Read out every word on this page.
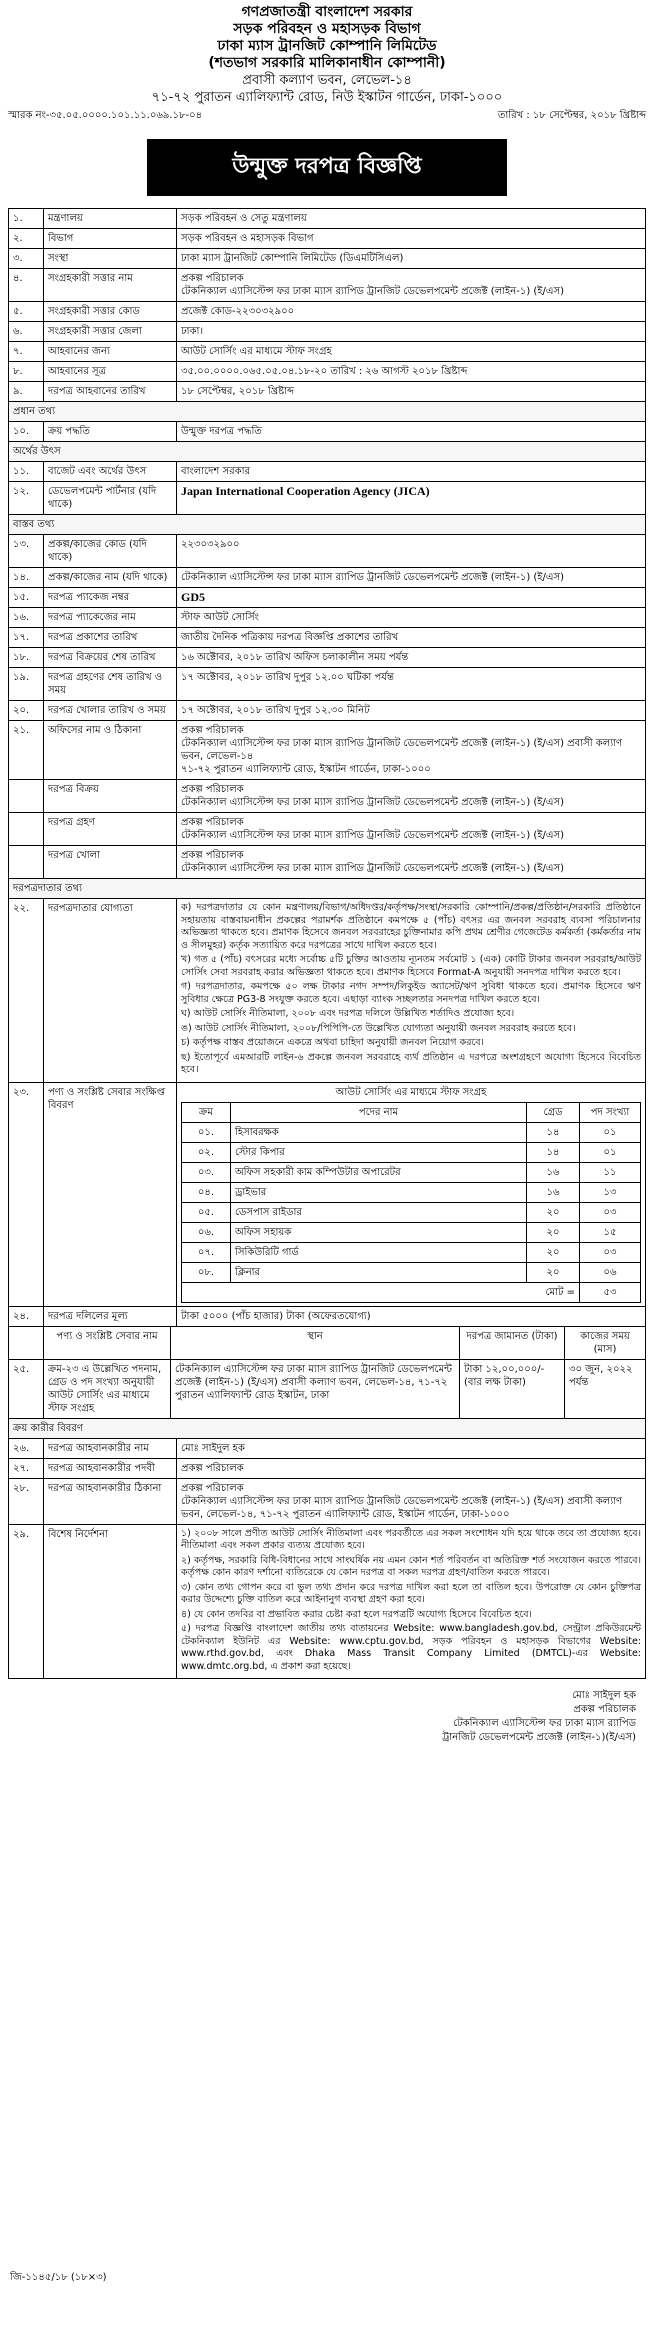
গণপ্রজাতন্ত্রী বাংলাদেশ সরকার
সড়ক পরিবহন ও মহাসড়ক বিভাগ
ঢাকা ম্যাস ট্রানজিট কোম্পানি লিমিটেড
(শতভাগ সরকারি মালিকানাধীন কোম্পানী)
প্রবাসী কল্যাণ ভবন, লেভেল-১৪
৭১-৭২ পুরাতন এ্যালিফ্যান্ট রোড, নিউ ইস্কাটন গার্ডেন, ঢাকা-১০০০
স্মারক নং-৩৫.০৫.০০০০.১০১.১১.০৬৯.১৮-০৪	তারিখ : ১৮ সেপ্টেম্বর, ২০১৮ খ্রিষ্টাব্দ
উন্মুক্ত দরপত্র বিজ্ঞপ্তি
১.	মন্ত্রণালয়	সড়ক পরিবহন ও সেতু মন্ত্রণালয়
২.	বিভাগ	সড়ক পরিবহন ও মহাসড়ক বিভাগ
৩.	সংস্থা	ঢাকা ম্যাস ট্রানজিট কোম্পানি লিমিটেড (ডিএমটিসিএল)
৪.	সংগ্রহকারী সত্তার নাম	প্রকল্প পরিচালক
টেকনিক্যাল এ্যাসিস্টেন্স ফর ঢাকা ম্যাস র‍্যাপিড ট্রানজিট ডেভেলপমেন্ট প্রজেক্ট (লাইন-১) (ই/এস)
৫.	সংগ্রহকারী সত্তার কোড	প্রজেক্ট কোড-২২৩০৩২৯০০
৬.	সংগ্রহকারী সত্তার জেলা	ঢাকা।
৭.	আহবানের জন্য	আউট সোর্সিং এর মাধ্যমে স্টাফ সংগ্রহ
৮.	আহবানের সূত্র	৩৫.০০.০০০০.০৬৫.০৫.০৪.১৮-২০ তারিখ : ২৬ আগস্ট ২০১৮ খ্রিষ্টাব্দ
৯.	দরপত্র আহবানের তারিখ	১৮ সেপ্টেম্বর, ২০১৮ খ্রিষ্টাব্দ
প্রধান তথ্য
১০.	ক্রয় পদ্ধতি	উন্মুক্ত দরপত্র পদ্ধতি
অর্থের উৎস
১১.	বাজেট এবং অর্থের উৎস	বাংলাদেশ সরকার
১২.	ডেভেলপমেন্ট পার্টনার (যদি থাকে)	Japan International Cooperation Agency (JICA)
বাস্তব তথ্য
১৩.	প্রকল্প/কাজের কোড (যদি থাকে)	২২৩০৩২৯০০
১৪.	প্রকল্প/কাজের নাম (যদি থাকে)	টেকনিক্যাল এ্যাসিস্টেন্স ফর ঢাকা ম্যাস র‍্যাপিড ট্রানজিট ডেভেলপমেন্ট প্রজেক্ট (লাইন-১) (ই/এস)
১৫.	দরপত্র প্যাকেজ নম্বর	GD5
১৬.	দরপত্র প্যাকেজের নাম	স্টাফ আউট সোর্সিং
১৭.	দরপত্র প্রকাশের তারিখ	জাতীয় দৈনিক পত্রিকায় দরপত্র বিজ্ঞপ্তি প্রকাশের তারিখ
১৮.	দরপত্র বিক্রয়ের শেষ তারিখ	১৬ অক্টোবর, ২০১৮ তারিখ অফিস চলাকালীন সময় পর্যন্ত
১৯.	দরপত্র গ্রহণের শেষ তারিখ ও সময়	১৭ অক্টোবর, ২০১৮ তারিখ দুপুর ১২.০০ ঘটিকা পর্যন্ত
২০.	দরপত্র খোলার তারিখ ও সময়	১৭ অক্টোবর, ২০১৮ তারিখ দুপুর ১২.৩০ মিনিট
২১.	অফিসের নাম ও ঠিকানা	প্রকল্প পরিচালক
টেকনিক্যাল এ্যাসিস্টেন্স ফর ঢাকা ম্যাস র‍্যাপিড ট্রানজিট ডেভেলপমেন্ট প্রজেক্ট (লাইন-১) (ই/এস) প্রবাসী কল্যাণ ভবন, লেভেল-১৪
৭১-৭২ পুরাতন এ্যালিফ্যান্ট রোড, ইস্কাটন গার্ডেন, ঢাকা-১০০০
	দরপত্র বিক্রয়	প্রকল্প পরিচালক
টেকনিক্যাল এ্যাসিস্টেন্স ফর ঢাকা ম্যাস র‍্যাপিড ট্রানজিট ডেভেলপমেন্ট প্রজেক্ট (লাইন-১) (ই/এস)
	দরপত্র গ্রহণ	প্রকল্প পরিচালক
টেকনিক্যাল এ্যাসিস্টেন্স ফর ঢাকা ম্যাস র‍্যাপিড ট্রানজিট ডেভেলপমেন্ট প্রজেক্ট (লাইন-১) (ই/এস)
	দরপত্র খোলা	প্রকল্প পরিচালক
টেকনিক্যাল এ্যাসিস্টেন্স ফর ঢাকা ম্যাস র‍্যাপিড ট্রানজিট ডেভেলপমেন্ট প্রজেক্ট (লাইন-১) (ই/এস)
দরপত্রদাতার তথ্য
২২.	দরপত্রদাতার যোগ্যতা	ক) দরপত্রদাতার যে কোন মন্ত্রণালয়/বিভাগ/অধিদপ্তর/কর্তৃপক্ষ/সংস্থা/সরকারি কোম্পানি/প্রকল্প/প্রতিষ্ঠান/সরকারি প্রতিষ্ঠানে সহায়তায় বাস্তবায়নাধীন প্রকল্পের পরামর্শক প্রতিষ্ঠানে কমপক্ষে ৫ (পাঁচ) বৎসর এর জনবল সরবরাহ ব্যবসা পরিচালনার অভিজ্ঞতা থাকতে হবে। প্রমাণক হিসেবে জনবল সরবরাহের চুক্তিনামার কপি প্রথম শ্রেণীর গেজেটেড কর্মকর্তা (কর্মকর্তার নাম ও সীলমুহর) কর্তৃক সত্যায়িত করে দরপত্রের সাথে দাখিল করতে হবে।
খ) গত ৫ (পাঁচ) বৎসরের মধ্যে সর্বোচ্চ ৫টি চুক্তির আওতায় ন্যূনতম সর্বমোট ১ (এক) কোটি টাকার জনবল সরবরাহ/আউট সোর্সিং সেবা সরবরাহ করার অভিজ্ঞতা থাকতে হবে। প্রমাণক হিসেবে Format-A অনুযায়ী সনদপত্র দাখিল করতে হবে।
গ) দরপত্রদাতার, কমপক্ষে ৫০ লক্ষ টাকার নগদ সম্পদ/লিকুইড অ্যাসেট/ঋণ সুবিধা থাকতে হবে। প্রমাণক হিসেবে ঋণ সুবিধার ক্ষেত্রে PG3-8 সংযুক্ত করতে হবে। এছাড়া ব্যাংক সচ্ছলতার সনদপত্র দাখিল করতে হবে।
ঘ) আউট সোর্সিং নীতিমালা, ২০০৮ এবং দরপত্র দলিলে উল্লিখিত শর্তাদিও প্রযোজ্য হবে।
ঙ) আউট সোর্সিং নীতিমালা, ২০০৮/পিপিপি-তে উল্লেখিত যোগ্যতা অনুযায়ী জনবল সরবরাহ করতে হবে।
চ) কর্তৃপক্ষ বাস্তব প্রয়োজনে একত্রে অথবা চাহিদা অনুযায়ী জনবল নিয়োগ করবে।
ছ) ইতোপূর্বে এমআরটি লাইন-৬ প্রকল্পে জনবল সরবরাহে ব্যর্থ প্রতিষ্ঠান এ দরপত্রে অংশগ্রহণে অযোগ্য হিসেবে বিবেচিত হবে।

২৩.	পণ্য ও সংশ্লিষ্ট সেবার সংক্ষিপ্ত বিবরণ	
আউট সোর্সিং এর মাধ্যমে স্টাফ সংগ্রহ
ক্রম	পদের নাম	গ্রেড	পদ সংখ্যা
০১.	হিসাবরক্ষক	১৪	০১
০২.	স্টোর কিপার	১৪	০১
০৩.	অফিস সহকারী কাম কম্পিউটার অপারেটর	১৬	১১
০৪.	ড্রাইভার	১৬	১৩
০৫.	ডেসপাস রাইডার	২০	০৩
০৬.	অফিস সহায়ক	২০	১৫
০৭.	সিকিউরিটি গার্ড	২০	০৩
০৮.	ক্লিনার	২০	০৬
মোট =	৫৩

২৪.	দরপত্র দলিলের মূল্য	টাকা ৫০০০ (পাঁচ হাজার) টাকা (অফেরতযোগ্য)

	পণ্য ও সংশ্লিষ্ট সেবার নাম	স্থান	দরপত্র জামানত (টাকা)	কাজের সময় (মাস)
২৫.	ক্রম-২৩ এ উল্লেখিত পদনাম, গ্রেড ও পদ সংখ্যা অনুযায়ী আউট সোর্সিং এর মাধ্যমে স্টাফ সংগ্রহ	টেকনিক্যাল এ্যাসিস্টেন্স ফর ঢাকা ম্যাস র‍্যাপিড ট্রানজিট ডেভেলপমেন্ট প্রজেক্ট (লাইন-১) (ই/এস) প্রবাসী কল্যাণ ভবন, লেভেল-১৪, ৭১-৭২ পুরাতন এ্যালিফ্যান্ট রোড ইস্কাটন, ঢাকা	টাকা ১২,০০,০০০/- (বার লক্ষ টাকা)	৩০ জুন, ২০২২ পর্যন্ত

ক্রয় কারীর বিবরণ
২৬.	দরপত্র আহবানকারীর নাম	মোঃ সাইদুল হক
২৭.	দরপত্র আহবানকারীর পদবী	প্রকল্প পরিচালক
২৮.	দরপত্র আহবানকারীর ঠিকানা	প্রকল্প পরিচালক
টেকনিক্যাল এ্যাসিস্টেন্স ফর ঢাকা ম্যাস র‍্যাপিড ট্রানজিট ডেভেলপমেন্ট প্রজেক্ট (লাইন-১) (ই/এস) প্রবাসী কল্যাণ ভবন, লেভেল-১৪, ৭১-৭২ পুরাতন এ্যালিফ্যান্ট রোড, ইস্কাটন গার্ডেন, ঢাকা-১০০০
২৯.	বিশেষ নির্দেশনা	১) ২০০৮ সালে প্রণীত আউট সোর্সিং নীতিমালা এবং পরবর্তীতে এর সকল সংশোধন যদি হয়ে থাকে তবে তা প্রযোজ্য হবে। নীতিমালা এবং সকল প্রকার ব্যত্যয় প্রযোজ্য হবে।
২) কর্তৃপক্ষ, সরকারি বিধি-বিধানের সাথে সাংঘর্ষিক নয় এমন কোন শর্ত পরিবর্তন বা অতিরিক্ত শর্ত সংযোজন করতে পারবে। কর্তৃপক্ষ কোন কারণ দর্শানো ব্যতিরেকে যে কোন দরপত্র বা সকল দরপত্র গ্রহণ/বাতিল করতে পারবে।
৩) কোন তথ্য গোপন করে বা ভুল তথ্য প্রদান করে দরপত্র দাখিল করা হলে তা বাতিল হবে। উপরোক্ত যে কোন চুক্তিপত্র করার উদ্দেশ্যে চুক্তি বাতিল করে আইনানুগ ব্যবস্থা গ্রহণ করা হবে।
৪) যে কোন তদবির বা প্রভাবিত করার চেষ্টা করা হলে দরপত্রটি অযোগ্য হিসেবে বিবেচিত হবে।
৫) দরপত্র বিজ্ঞপ্তি বাংলাদেশ জাতীয় তথ্য বাতায়নের Website: www.bangladesh.gov.bd, সেন্ট্রাল প্রকিউরমেন্ট টেকনিক্যাল ইউনিট এর Website: www.cptu.gov.bd, সড়ক পরিবহন ও মহাসড়ক বিভাগের Website: www.rthd.gov.bd, এবং Dhaka Mass Transit Company Limited (DMTCL)-এর Website: www.dmtc.org.bd, এ প্রকাশ করা হয়েছে।
মোঃ সাইদুল হক
প্রকল্প পরিচালক
টেকনিক্যাল এ্যাসিস্টেন্স ফর ঢাকা ম্যাস র‍্যাপিড
ট্রানজিট ডেভেলপমেন্ট প্রজেক্ট (লাইন-১)(ই/এস)
জি-১১৪৫/১৮ (১৮×৩)
